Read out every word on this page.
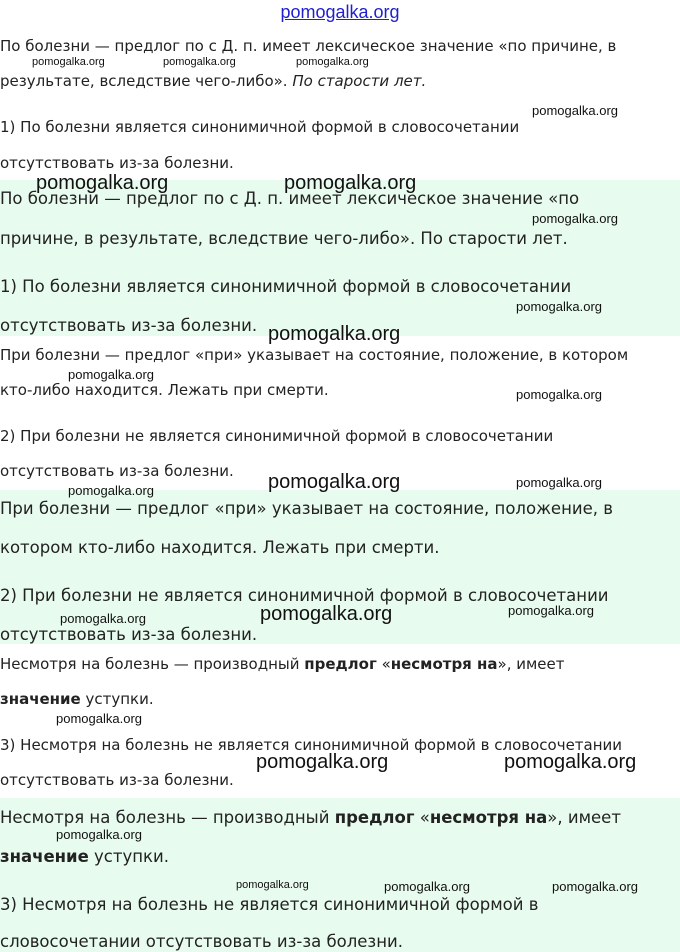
pomogalka.org
По болезни — предлог по с Д. п. имеет лексическое значение «по причине, в
результате, вследствие чего-либо». По старости лет.
1) По болезни является синонимичной формой в словосочетании
отсутствовать из-за болезни.
По болезни — предлог по с Д. п. имеет лексическое значение «по
причине, в результате, вследствие чего-либо». По старости лет.
1) По болезни является синонимичной формой в словосочетании
отсутствовать из-за болезни.
При болезни — предлог «при» указывает на состояние, положение, в котором
кто-либо находится. Лежать при смерти.
2) При болезни не является синонимичной формой в словосочетании
отсутствовать из-за болезни.
При болезни — предлог «при» указывает на состояние, положение, в
котором кто-либо находится. Лежать при смерти.
2) При болезни не является синонимичной формой в словосочетании
отсутствовать из-за болезни.
Несмотря на болезнь — производный предлог «несмотря на», имеет
значение уступки.
3) Несмотря на болезнь не является синонимичной формой в словосочетании
отсутствовать из-за болезни.
Несмотря на болезнь — производный предлог «несмотря на», имеет
значение уступки.
3) Несмотря на болезнь не является синонимичной формой в
словосочетании отсутствовать из-за болезни.
pomogalka.org	pomogalka.org	pomogalka.org
pomogalka.org
pomogalka.org	pomogalka.org
pomogalka.org
pomogalka.org
pomogalka.org
pomogalka.org
pomogalka.org
pomogalka.org	pomogalka.org
pomogalka.org
pomogalka.org
pomogalka.org
pomogalka.org
pomogalka.org
pomogalka.org	pomogalka.org
pomogalka.org
pomogalka.org	pomogalka.org	pomogalka.org
